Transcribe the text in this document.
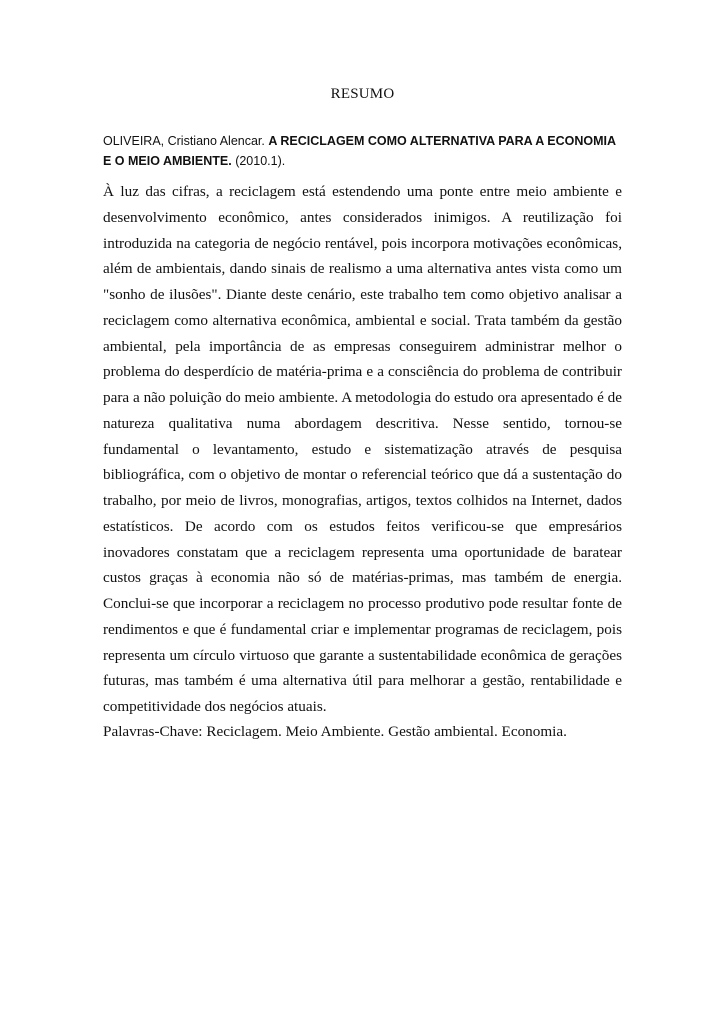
RESUMO
OLIVEIRA, Cristiano Alencar. A RECICLAGEM COMO ALTERNATIVA PARA A ECONOMIA E O MEIO AMBIENTE. (2010.1).

À luz das cifras, a reciclagem está estendendo uma ponte entre meio ambiente e desenvolvimento econômico, antes considerados inimigos. A reutilização foi introduzida na categoria de negócio rentável, pois incorpora motivações econômicas, além de ambientais, dando sinais de realismo a uma alternativa antes vista como um "sonho de ilusões". Diante deste cenário, este trabalho tem como objetivo analisar a reciclagem como alternativa econômica, ambiental e social. Trata também da gestão ambiental, pela importância de as empresas conseguirem administrar melhor o problema do desperdício de matéria-prima e a consciência do problema de contribuir para a não poluição do meio ambiente. A metodologia do estudo ora apresentado é de natureza qualitativa numa abordagem descritiva. Nesse sentido, tornou-se fundamental o levantamento, estudo e sistematização através de pesquisa bibliográfica, com o objetivo de montar o referencial teórico que dá a sustentação do trabalho, por meio de livros, monografias, artigos, textos colhidos na Internet, dados estatísticos. De acordo com os estudos feitos verificou-se que empresários inovadores constatam que a reciclagem representa uma oportunidade de baratear custos graças à economia não só de matérias-primas, mas também de energia. Conclui-se que incorporar a reciclagem no processo produtivo pode resultar fonte de rendimentos e que é fundamental criar e implementar programas de reciclagem, pois representa um círculo virtuoso que garante a sustentabilidade econômica de gerações futuras, mas também é uma alternativa útil para melhorar a gestão, rentabilidade e competitividade dos negócios atuais.

Palavras-Chave: Reciclagem. Meio Ambiente. Gestão ambiental. Economia.
